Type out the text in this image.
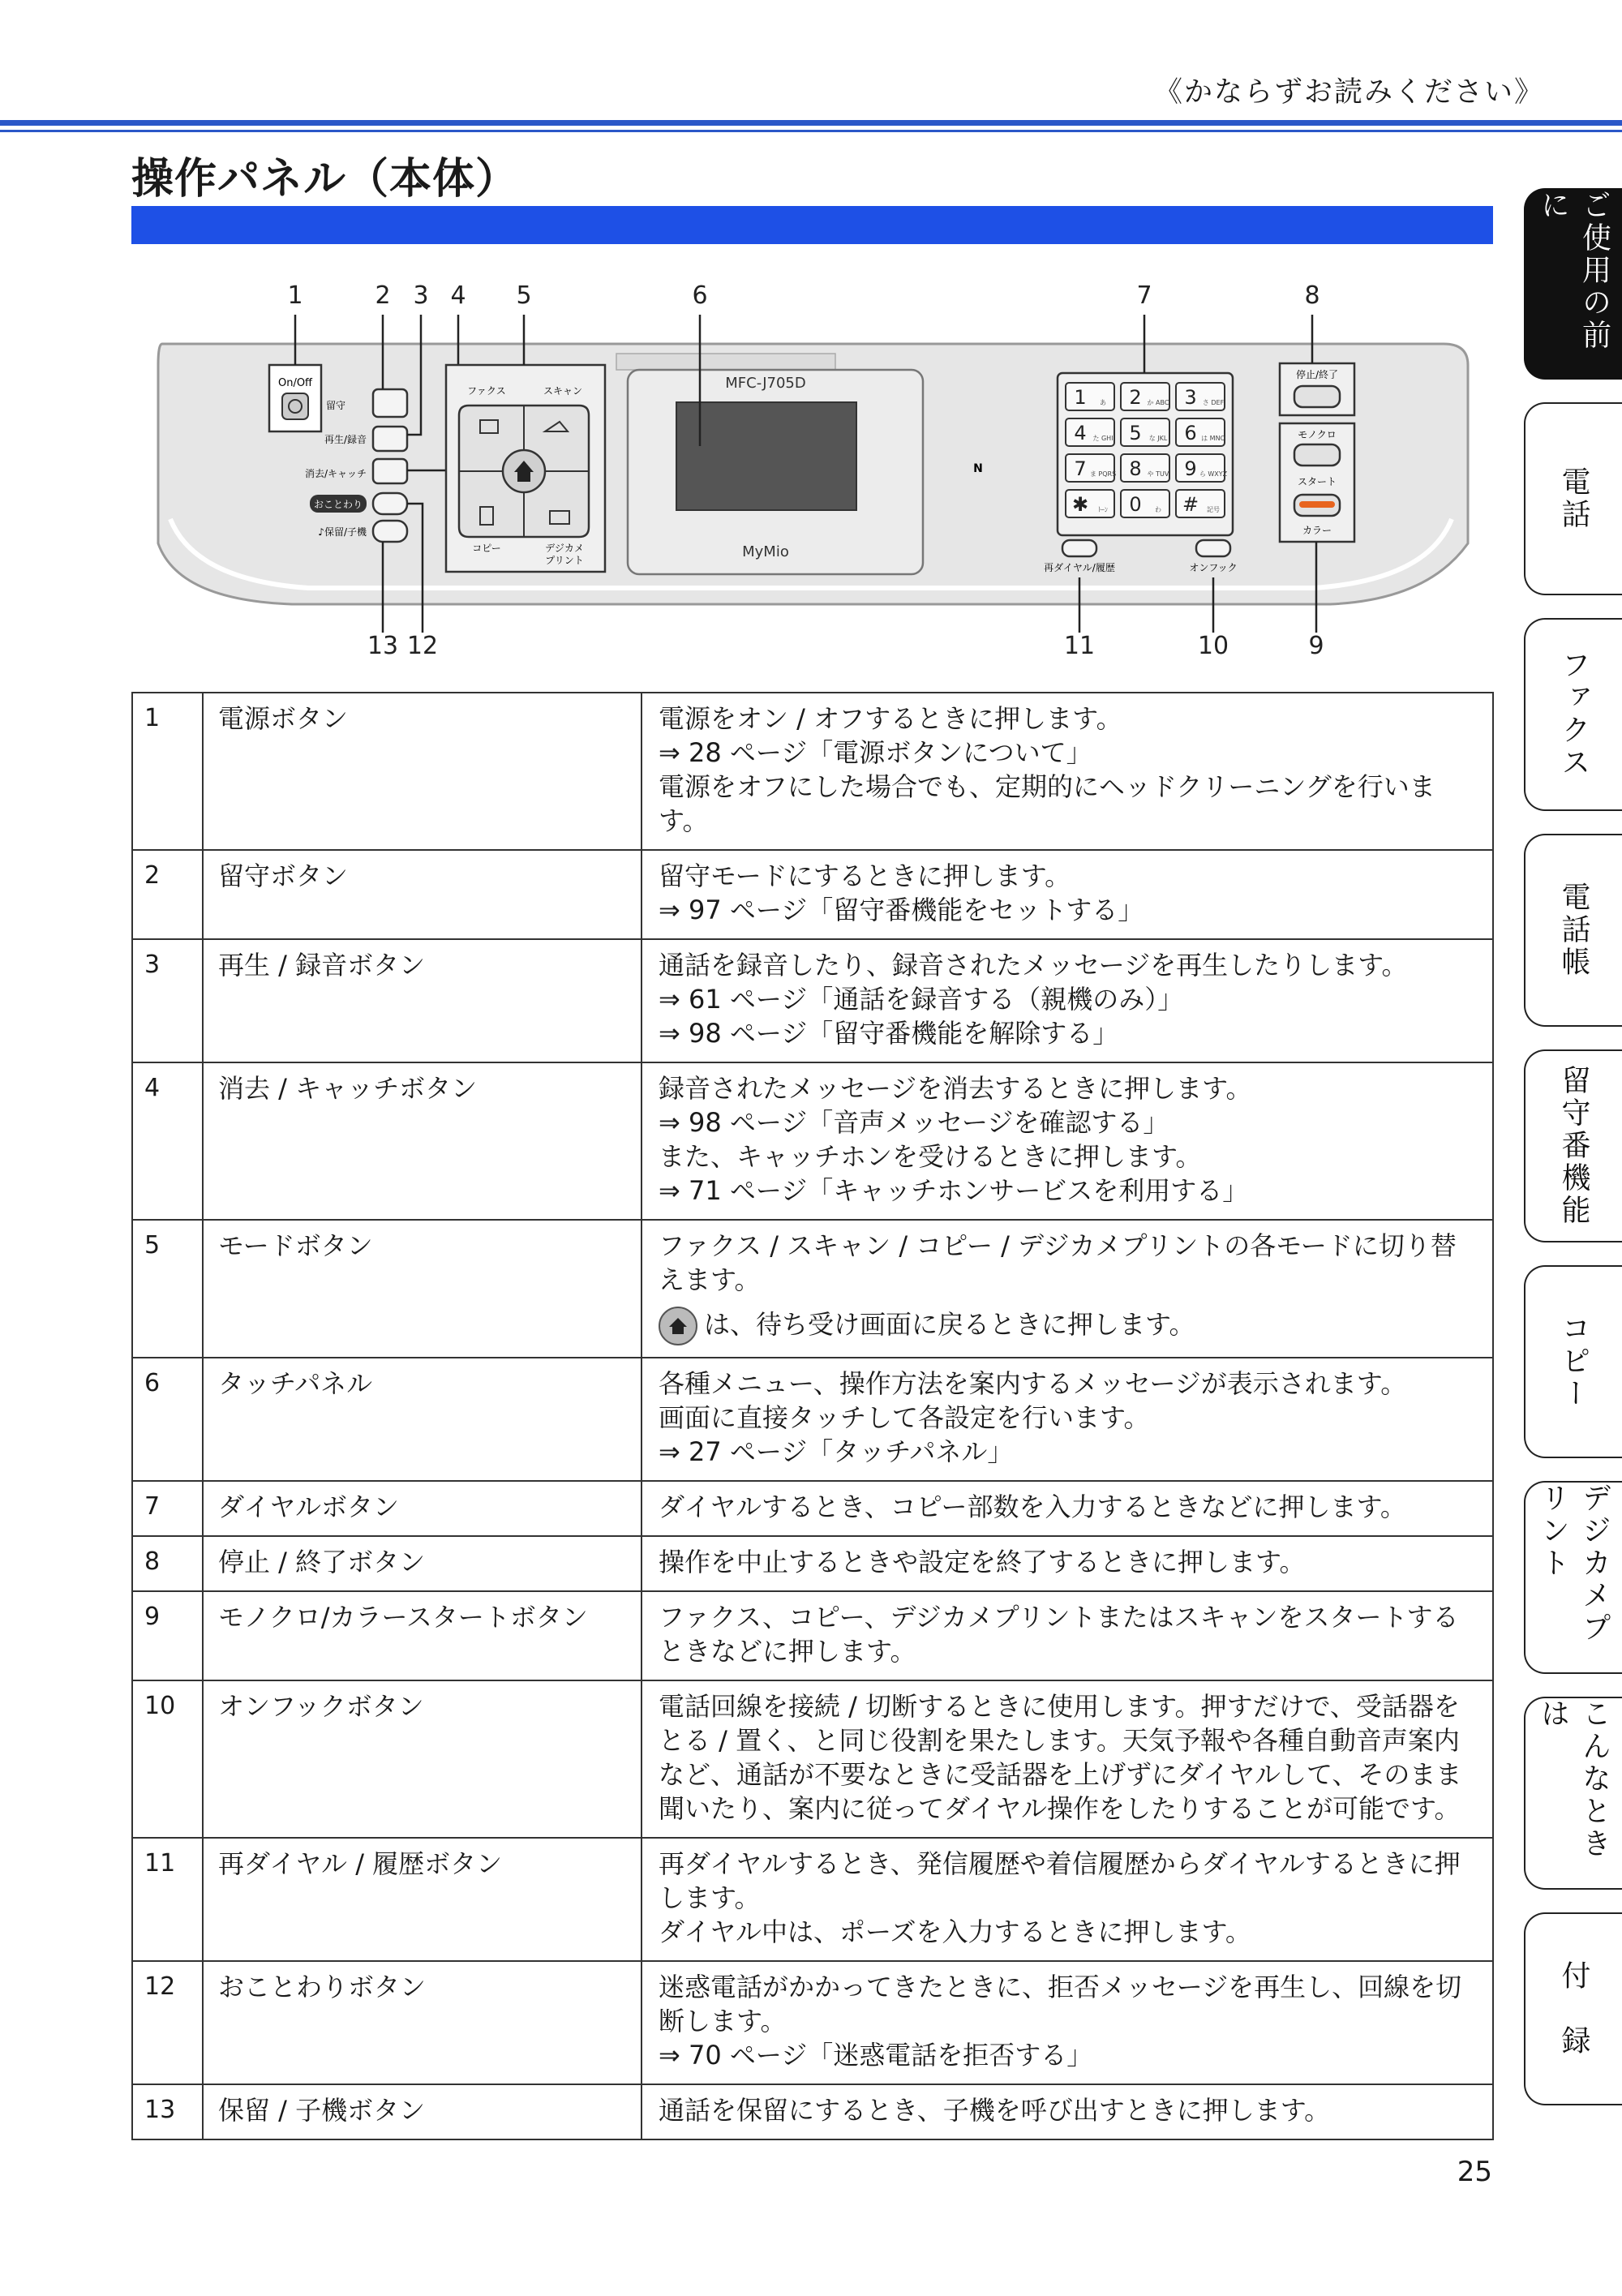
《かならずお読みください》
操作パネル（本体）
ご使用の前に
電話
ファクス
電話帳
留守番機能
コピー
デジカメプリント
こんなときは
付　録
1	2 3 4 5	6	7	8
13 12	11	10	9
On/Off
留守
再生/録音
消去/キャッチ
おことわり
♪保留/子機
ファクス	スキャン
コピー	デジカメ
プリント
MFC-J705D
MyMio
N
1 あ 2 か ABC 3 さ DEF
4 た GHI 5 な JKL 6 は MNO
7 ま PQRS 8 や TUV 9 ら WXYZ
✱ ﾄｰﾝ 0 わ # 記号
再ダイヤル/履歴	オンフック
停止/終了
モノクロ
スタート
カラー
1	電源ボタン	電源をオン / オフするときに押します。
⇒ 28 ページ「電源ボタンについて」
電源をオフにした場合でも、定期的にヘッドクリーニングを行います。

2	留守ボタン	留守モードにするときに押します。
⇒ 97 ページ「留守番機能をセットする」

3	再生 / 録音ボタン	通話を録音したり、録音されたメッセージを再生したりします。
⇒ 61 ページ「通話を録音する（親機のみ）」
⇒ 98 ページ「留守番機能を解除する」

4	消去 / キャッチボタン	録音されたメッセージを消去するときに押します。
⇒ 98 ページ「音声メッセージを確認する」
また、キャッチホンを受けるときに押します。
⇒ 71 ページ「キャッチホンサービスを利用する」

5	モードボタン	ファクス / スキャン / コピー / デジカメプリントの各モードに切り替えます。
は、待ち受け画面に戻るときに押します。

6	タッチパネル	各種メニュー、操作方法を案内するメッセージが表示されます。
画面に直接タッチして各設定を行います。
⇒ 27 ページ「タッチパネル」

7	ダイヤルボタン	ダイヤルするとき、コピー部数を入力するときなどに押します。

8	停止 / 終了ボタン	操作を中止するときや設定を終了するときに押します。

9	モノクロ/カラースタートボタン	ファクス、コピー、デジカメプリントまたはスキャンをスタートするときなどに押します。

10	オンフックボタン	電話回線を接続 / 切断するときに使用します。押すだけで、受話器をとる / 置く、と同じ役割を果たします。天気予報や各種自動音声案内など、通話が不要なときに受話器を上げずにダイヤルして、そのまま聞いたり、案内に従ってダイヤル操作をしたりすることが可能です。

11	再ダイヤル / 履歴ボタン	再ダイヤルするとき、発信履歴や着信履歴からダイヤルするときに押します。
ダイヤル中は、ポーズを入力するときに押します。

12	おことわりボタン	迷惑電話がかかってきたときに、拒否メッセージを再生し、回線を切断します。
⇒ 70 ページ「迷惑電話を拒否する」

13	保留 / 子機ボタン	通話を保留にするとき、子機を呼び出すときに押します。
25
